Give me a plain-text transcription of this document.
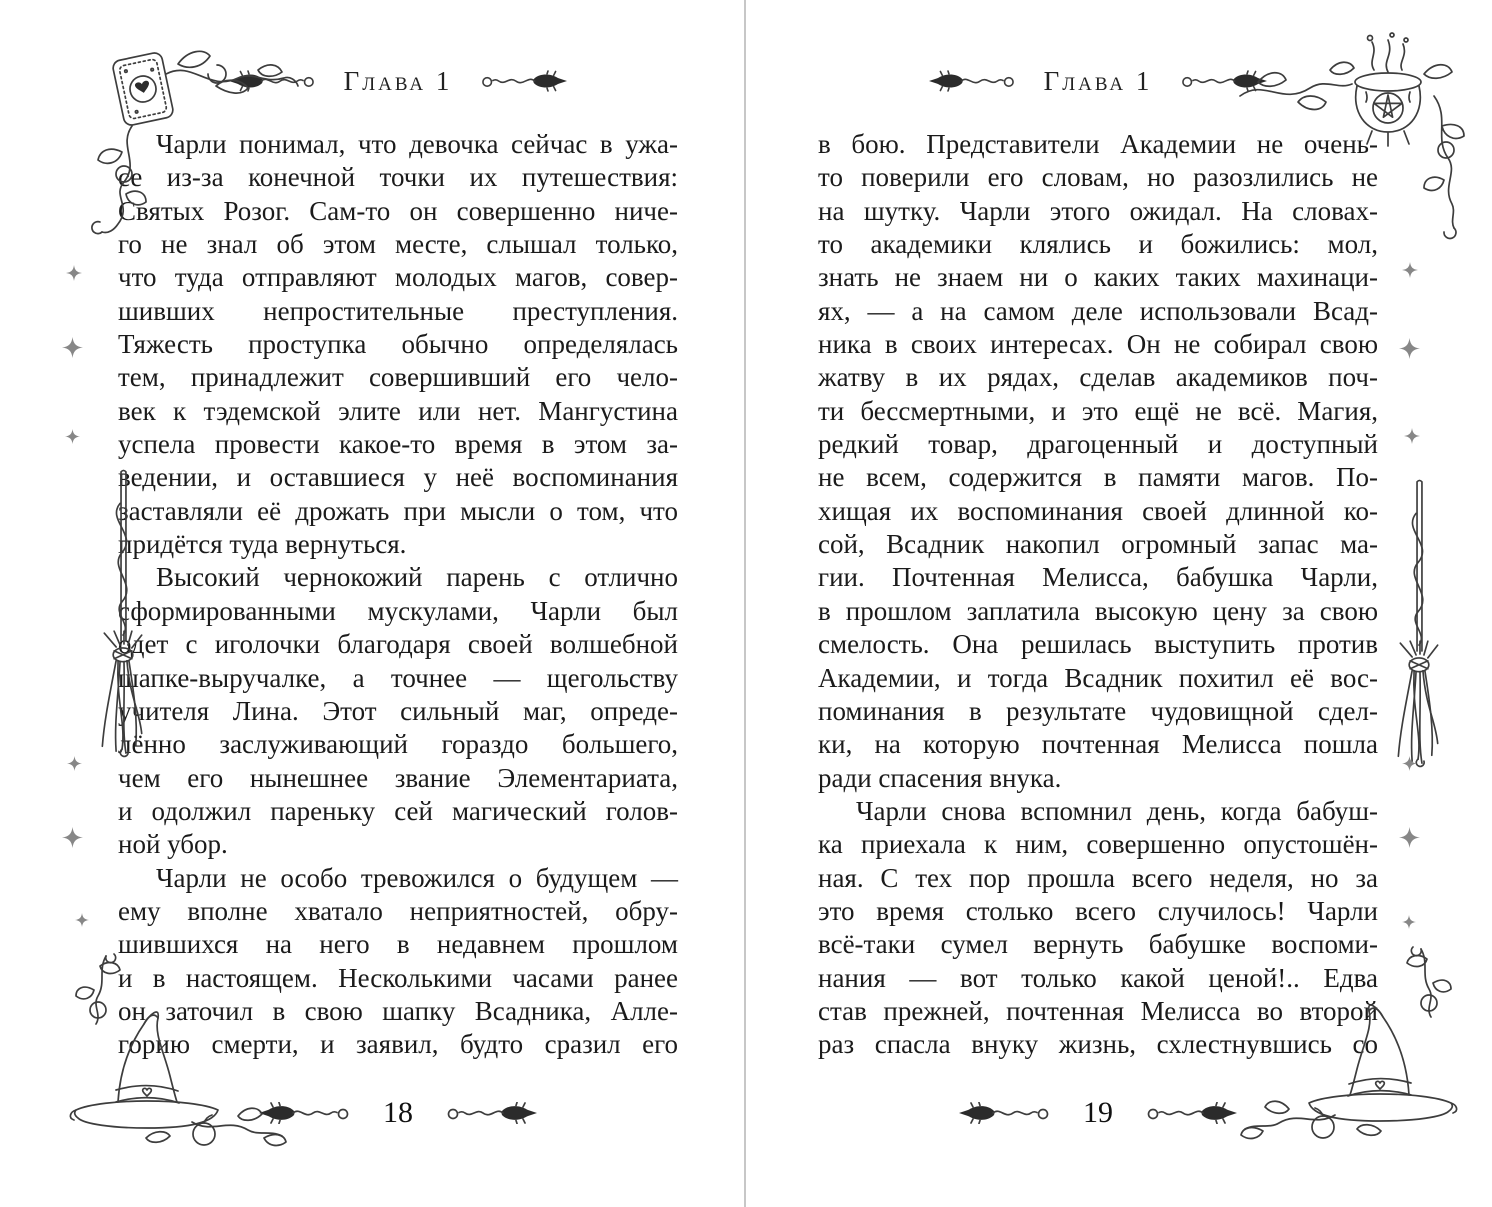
Глава 1
Чарли понимал, что девочка сейчас в ужа-
се из-за конечной точки их путешествия:
Святых Розог. Сам-то он совершенно ниче-
го не знал об этом месте, слышал только,
что туда отправляют молодых магов, совер-
шивших непростительные преступления.
Тяжесть проступка обычно определялась
тем, принадлежит совершивший его чело-
век к тэдемской элите или нет. Мангустина
успела провести какое-то время в этом за-
ведении, и оставшиеся у неё воспоминания
заставляли её дрожать при мысли о том, что
придётся туда вернуться.
Высокий чернокожий парень с отлично
сформированными мускулами, Чарли был
одет с иголочки благодаря своей волшебной
шапке-выручалке, а точнее — щегольству
учителя Лина. Этот сильный маг, опреде-
лённо заслуживающий гораздо большего,
чем его нынешнее звание Элементариата,
и одолжил пареньку сей магический голов-
ной убор.
Чарли не особо тревожился о будущем —
ему вполне хватало неприятностей, обру-
шившихся на него в недавнем прошлом
и в настоящем. Несколькими часами ранее
он заточил в свою шапку Всадника, Алле-
горию смерти, и заявил, будто сразил его
18
Глава 1
в бою. Представители Академии не очень-
то поверили его словам, но разозлились не
на шутку. Чарли этого ожидал. На словах-
то академики клялись и божились: мол,
знать не знаем ни о каких таких махинаци-
ях, — а на самом деле использовали Всад-
ника в своих интересах. Он не собирал свою
жатву в их рядах, сделав академиков поч-
ти бессмертными, и это ещё не всё. Магия,
редкий товар, драгоценный и доступный
не всем, содержится в памяти магов. По-
хищая их воспоминания своей длинной ко-
сой, Всадник накопил огромный запас ма-
гии. Почтенная Мелисса, бабушка Чарли,
в прошлом заплатила высокую цену за свою
смелость. Она решилась выступить против
Академии, и тогда Всадник похитил её вос-
поминания в результате чудовищной сдел-
ки, на которую почтенная Мелисса пошла
ради спасения внука.
Чарли снова вспомнил день, когда бабуш-
ка приехала к ним, совершенно опустошён-
ная. С тех пор прошла всего неделя, но за
это время столько всего случилось! Чарли
всё-таки сумел вернуть бабушке воспоми-
нания — вот только какой ценой!.. Едва
став прежней, почтенная Мелисса во второй
раз спасла внуку жизнь, схлестнувшись со
19
